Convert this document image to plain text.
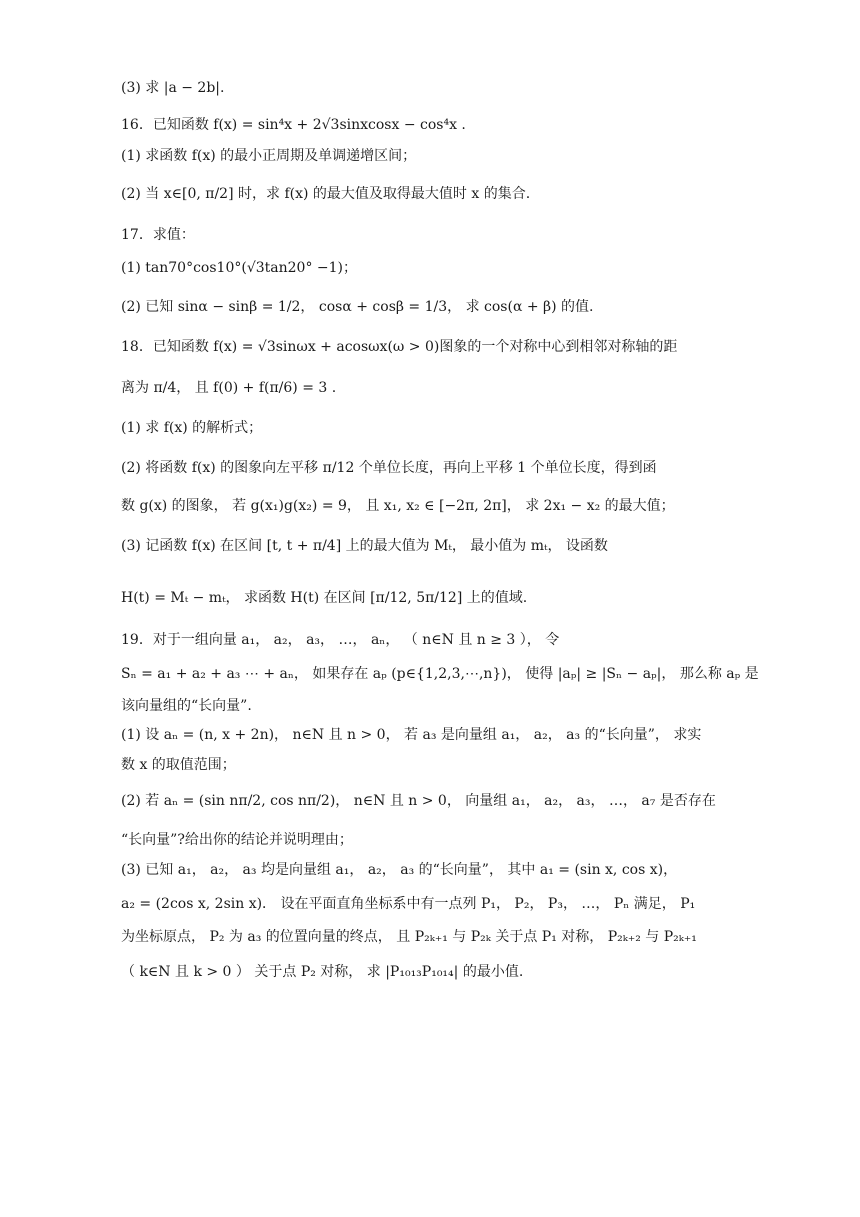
(3) 求 |a − 2b|.
16．已知函数 f(x) = sin⁴x + 2√3sinxcosx − cos⁴x .
(1) 求函数 f(x) 的最小正周期及单调递增区间；
(2) 当 x∈[0, π/2] 时，求 f(x) 的最大值及取得最大值时 x 的集合.
17．求值：
(1) tan70°cos10°(√3tan20° −1)；
(2) 已知 sinα − sinβ = 1/2， cosα + cosβ = 1/3， 求 cos(α + β) 的值.
18．已知函数 f(x) = √3sinωx + acosωx(ω > 0)图象的一个对称中心到相邻对称轴的距
离为 π/4， 且 f(0) + f(π/6) = 3 .
(1) 求 f(x) 的解析式；
(2) 将函数 f(x) 的图象向左平移 π/12 个单位长度，再向上平移 1 个单位长度，得到函
数 g(x) 的图象， 若 g(x₁)g(x₂) = 9， 且 x₁, x₂ ∈ [−2π, 2π]， 求 2x₁ − x₂ 的最大值；
(3) 记函数 f(x) 在区间 [t, t + π/4] 上的最大值为 Mₜ， 最小值为 mₜ， 设函数
H(t) = Mₜ − mₜ， 求函数 H(t) 在区间 [π/12, 5π/12] 上的值域.
19．对于一组向量 a₁， a₂， a₃， …， aₙ， （ n∈N 且 n ≥ 3 ）， 令
Sₙ = a₁ + a₂ + a₃ ⋯ + aₙ， 如果存在 aₚ (p∈{1,2,3,⋯,n})， 使得 |aₚ| ≥ |Sₙ − aₚ|， 那么称 aₚ 是
该向量组的“长向量”.
(1) 设 aₙ = (n, x + 2n)， n∈N 且 n > 0， 若 a₃ 是向量组 a₁， a₂， a₃ 的“长向量”， 求实
数 x 的取值范围；
(2) 若 aₙ = (sin nπ/2, cos nπ/2)， n∈N 且 n > 0， 向量组 a₁， a₂， a₃， …， a₇ 是否存在
“长向量”?给出你的结论并说明理由；
(3) 已知 a₁， a₂， a₃ 均是向量组 a₁， a₂， a₃ 的“长向量”， 其中 a₁ = (sin x, cos x)，
a₂ = (2cos x, 2sin x)． 设在平面直角坐标系中有一点列 P₁， P₂， P₃， …， Pₙ 满足， P₁
为坐标原点， P₂ 为 a₃ 的位置向量的终点， 且 P₂ₖ₊₁ 与 P₂ₖ 关于点 P₁ 对称， P₂ₖ₊₂ 与 P₂ₖ₊₁
（ k∈N 且 k > 0 ） 关于点 P₂ 对称， 求 |P₁₀₁₃P₁₀₁₄| 的最小值.
